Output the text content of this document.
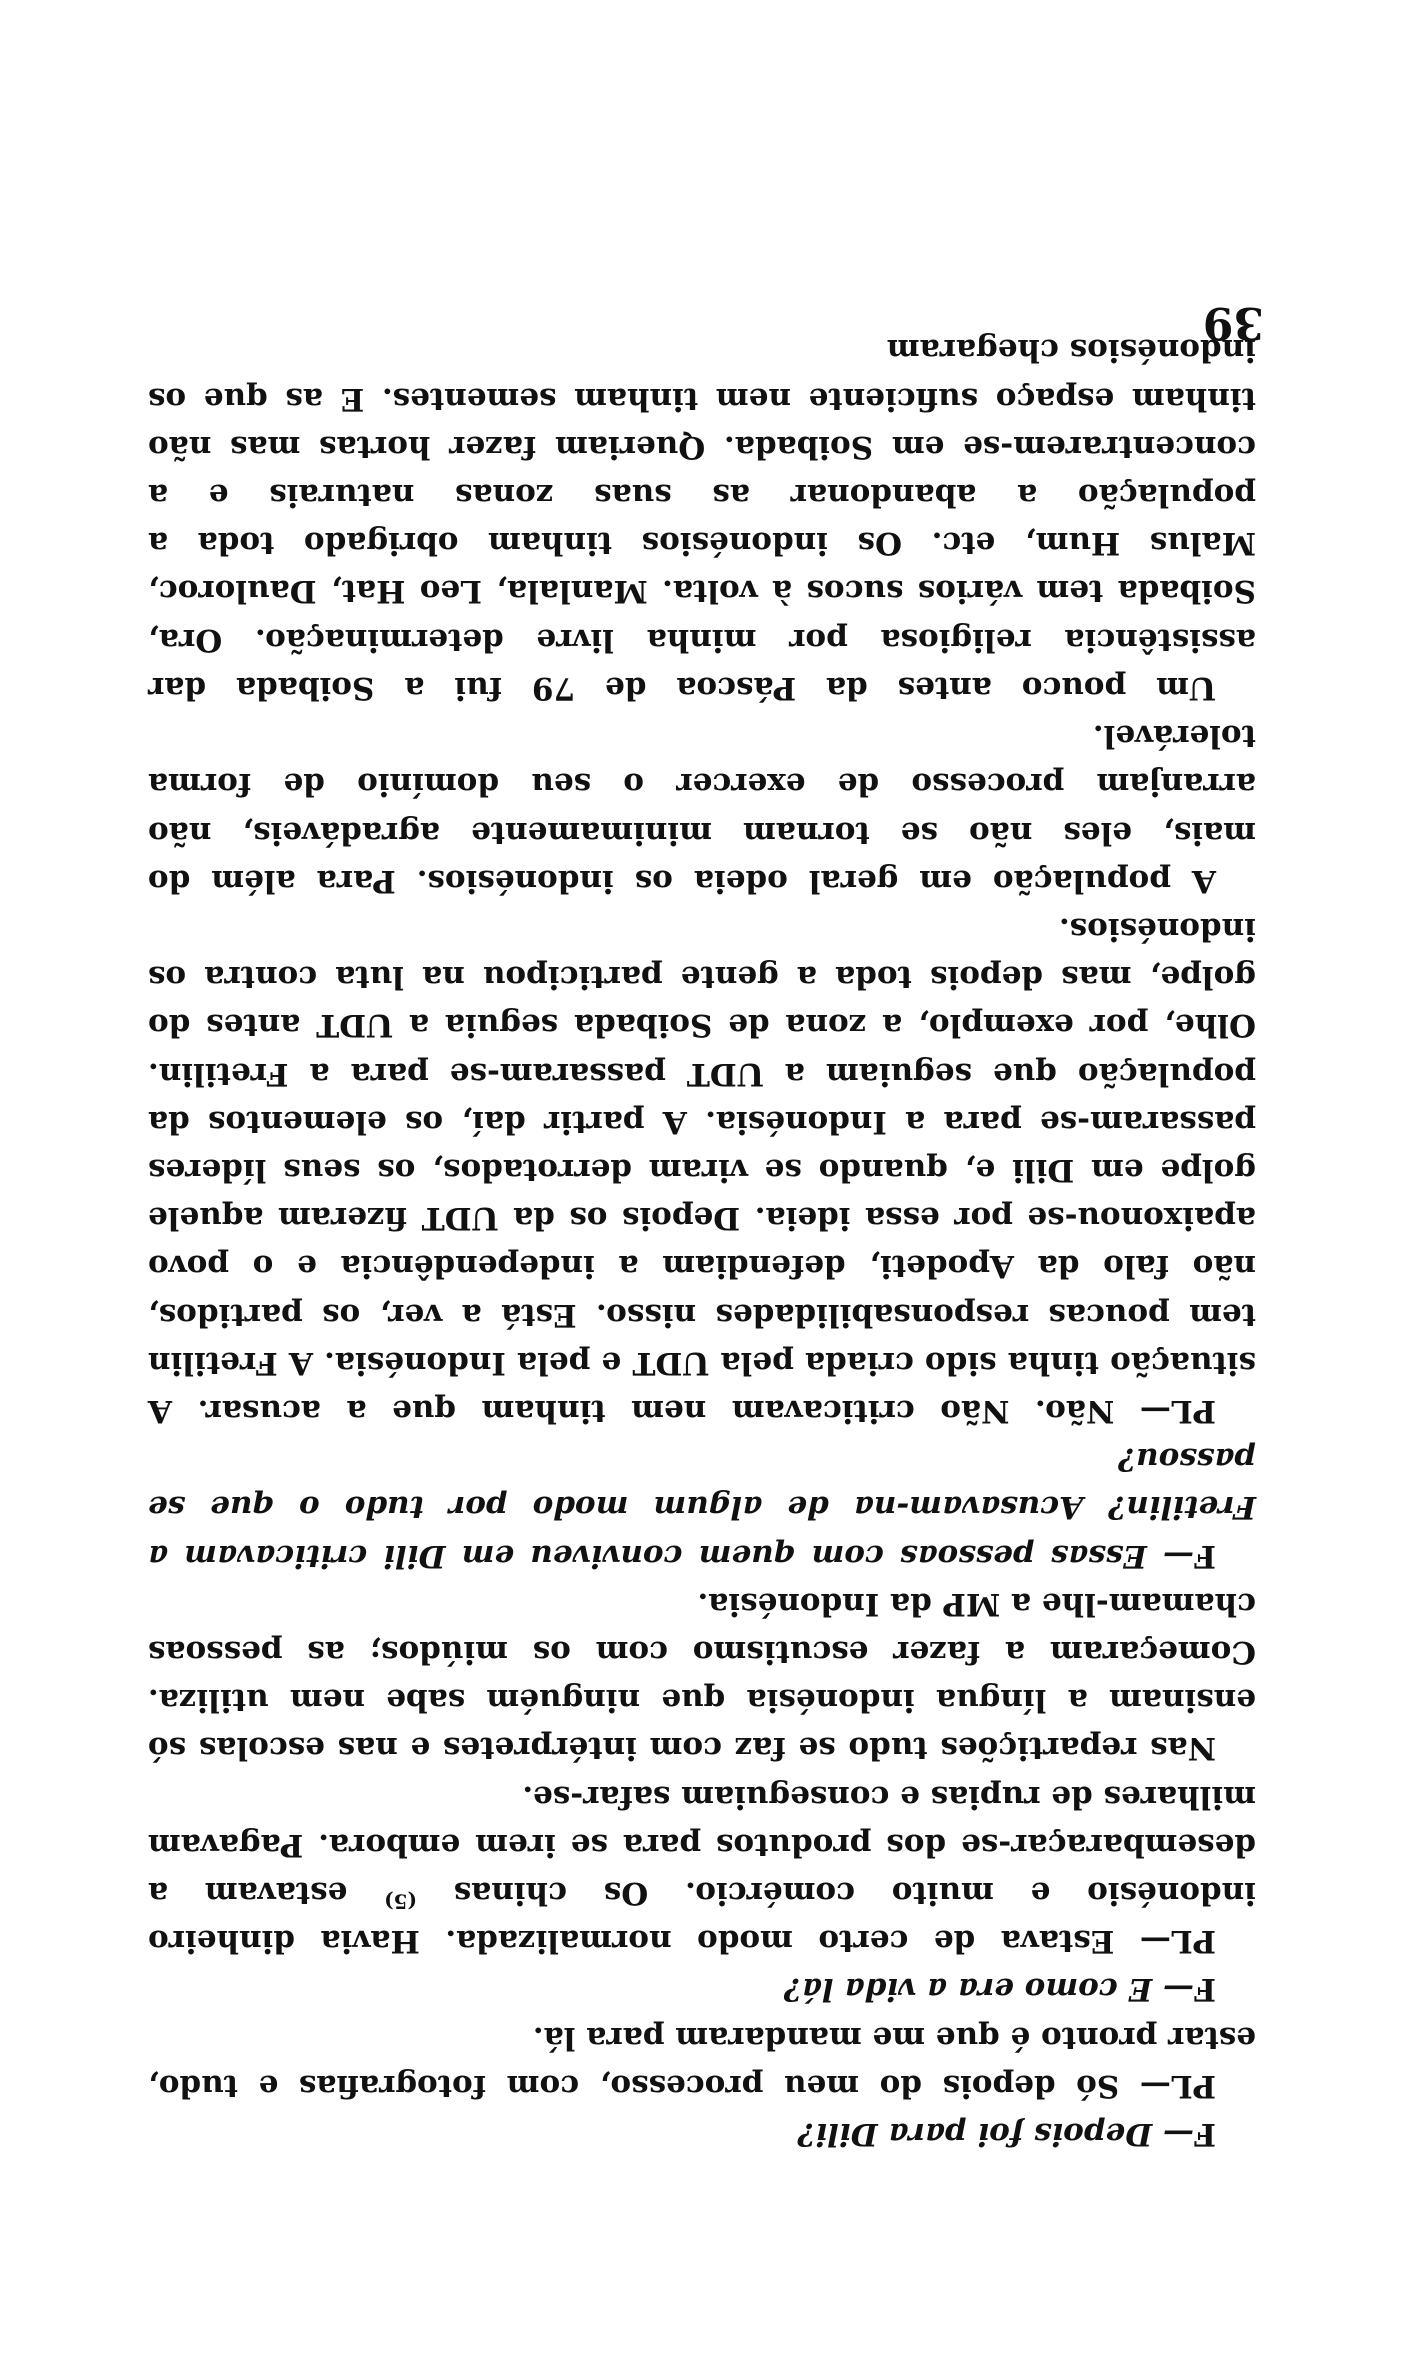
F— Depois foi para Dili?

PL— Só depois do meu processo, com fotografias e tudo, estar pronto é que me mandaram para lá.

F— E como era a vida lá?

PL— Estava de certo modo normalizada. Havia dinheiro indonésio e muito comércio. Os chinas $^{(5)}$ estavam a desembaraçar-se dos produtos para se irem embora. Pagavam milhares de rupias e conseguiam safar-se.

Nas repartições tudo se faz com intérpretes e nas escolas só ensinam a língua indonésia que ninguém sabe nem utiliza. Começaram a fazer escutismo com os miúdos; as pessoas chamam-lhe a MP da Indonésia.

F— Essas pessoas com quem conviveu em Dili criticavam a Fretilin? Acusavam-na de algum modo por tudo o que se passou?

PL— Não. Não criticavam nem tinham que a acusar. A situação tinha sido criada pela UDT e pela Indonésia. A Fretilin tem poucas responsabilidades nisso. Está a ver, os partidos, não falo da Apodeti, defendiam a independência e o povo apaixonou-se por essa ideia. Depois os da UDT fizeram aquele golpe em Dili e, quando se viram derrotados, os seus líderes passaram-se para a Indonésia. A partir daí, os elementos da população que seguiam a UDT passaram-se para a Fretilin. Olhe, por exemplo, a zona de Soibada seguia a UDT antes do golpe, mas depois toda a gente participou na luta contra os indonésios.

A população em geral odeia os indonésios. Para além do mais, eles não se tornam minimamente agradáveis, não arranjam processo de exercer o seu domínio de forma tolerável.

Um pouco antes da Páscoa de 79 fui a Soibada dar assistência religiosa por minha livre determinação. Ora, Soibada tem vários sucos à volta. Manlala, Leo Hat, Dauloroc, Malus Hum, etc. Os indonésios tinham obrigado toda a população a abandonar as suas zonas naturais e a concentrarem-se em Soibada. Queriam fazer hortas mas não tinham espaço suficiente nem tinham sementes. E as que os indonésios chegaram

39
